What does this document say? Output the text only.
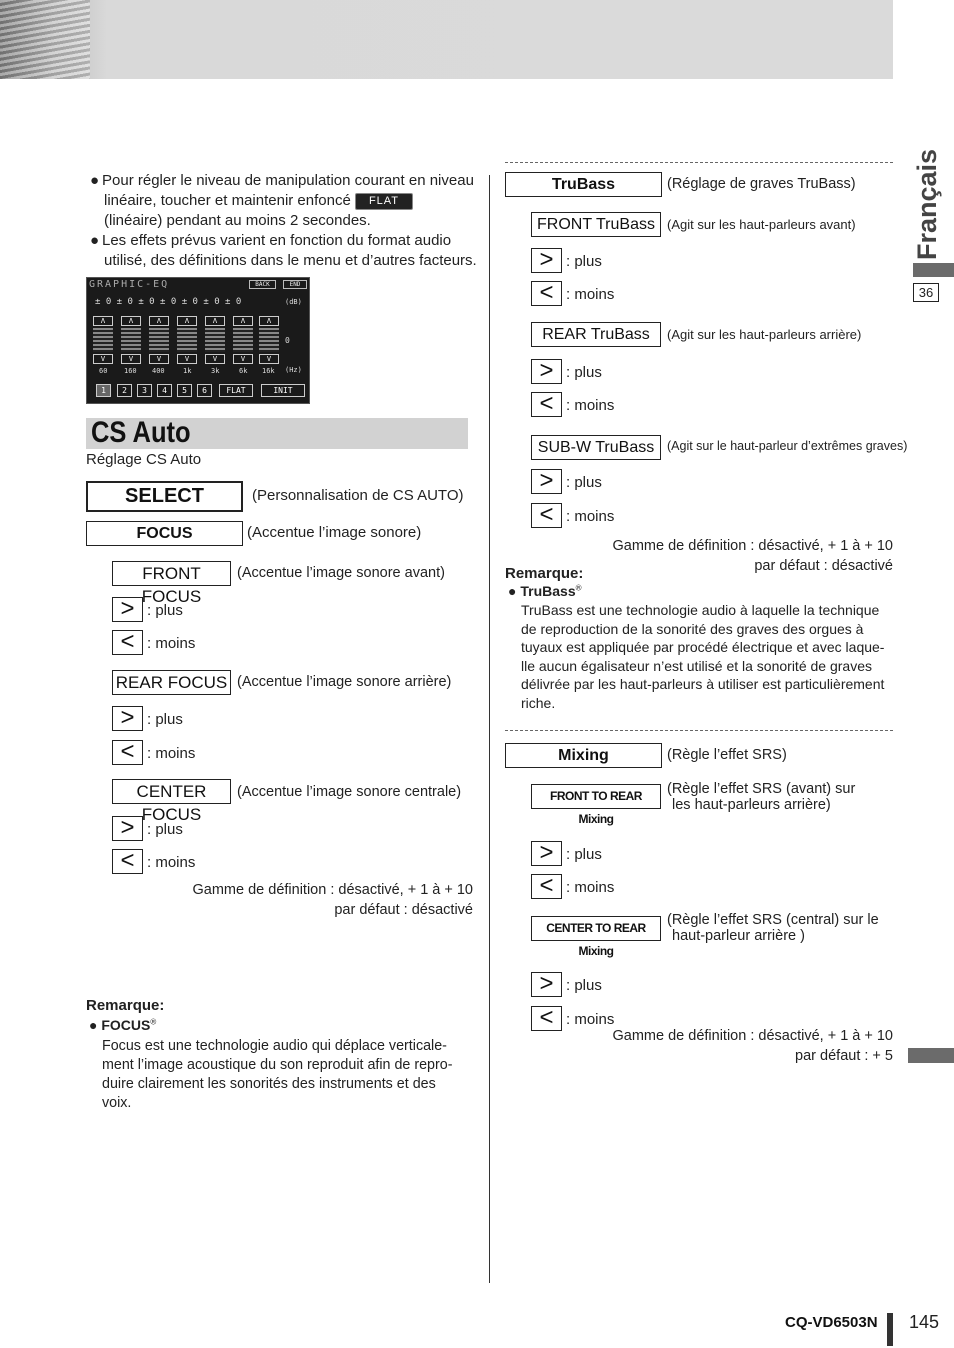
Français
36
● Pour régler le niveau de manipulation courant en niveau
linéaire, toucher et maintenir enfoncé FLAT
(linéaire) pendant au moins 2 secondes.
● Les effets prévus varient en fonction du format audio
utilisé, des définitions dans le menu et d’autres facteurs.
GRAPHIC-EQ	BACK	END
± 0 ± 0 ± 0 ± 0 ± 0 ± 0 ± 0	(dB)
0
(Hz)
Λ
V
Λ
V
Λ
V
Λ
V
Λ
V
Λ
V
Λ
V
60 160 400	1k	3k	6k 16k
1	2	3	4	5	6	FLAT	INIT
CS Auto
Réglage CS Auto
SELECT	(Personnalisation de CS AUTO)
FOCUS	(Accentue l’image sonore)
FRONT FOCUS
(Accentue l’image sonore avant)
> : plus
< : moins
REAR FOCUS (Accentue l’image sonore arrière)
> : plus
< : moins
CENTER FOCUS
(Accentue l’image sonore centrale)
> : plus
< : moins
Gamme de définition : désactivé, + 1 à + 10
par défaut : désactivé
Remarque:
● FOCUS®
Focus est une technologie audio qui déplace verticale-
ment l’image acoustique du son reproduit afin de repro-
duire clairement les sonorités des instruments et des
voix.
TruBass	(Réglage de graves TruBass)
FRONT TruBass (Agit sur les haut-parleurs avant)
> : plus
< : moins
REAR TruBass	(Agit sur les haut-parleurs arrière)
> : plus
< : moins
SUB-W TruBass	(Agit sur le haut-parleur d’extrêmes graves)
> : plus
< : moins
Gamme de définition : désactivé, + 1 à + 10
par défaut : désactivé
Remarque:
● TruBass®
TruBass est une technologie audio à laquelle la technique
de reproduction de la sonorité des graves des orgues à
tuyaux est appliquée par procédé électrique et avec laque-
lle aucun égalisateur n’est utilisé et la sonorité de graves
délivrée par les haut-parleurs à utiliser est particulièrement
riche.
Mixing	(Règle l’effet SRS)
FRONT TO REAR Mixing
(Règle l’effet SRS (avant) sur
les haut-parleurs arrière)
> : plus
< : moins
CENTER TO REAR Mixing
(Règle l’effet SRS (central) sur le
haut-parleur arrière )
> : plus
< : moins
Gamme de définition : désactivé, + 1 à + 10
par défaut : + 5
CQ-VD6503N 145
